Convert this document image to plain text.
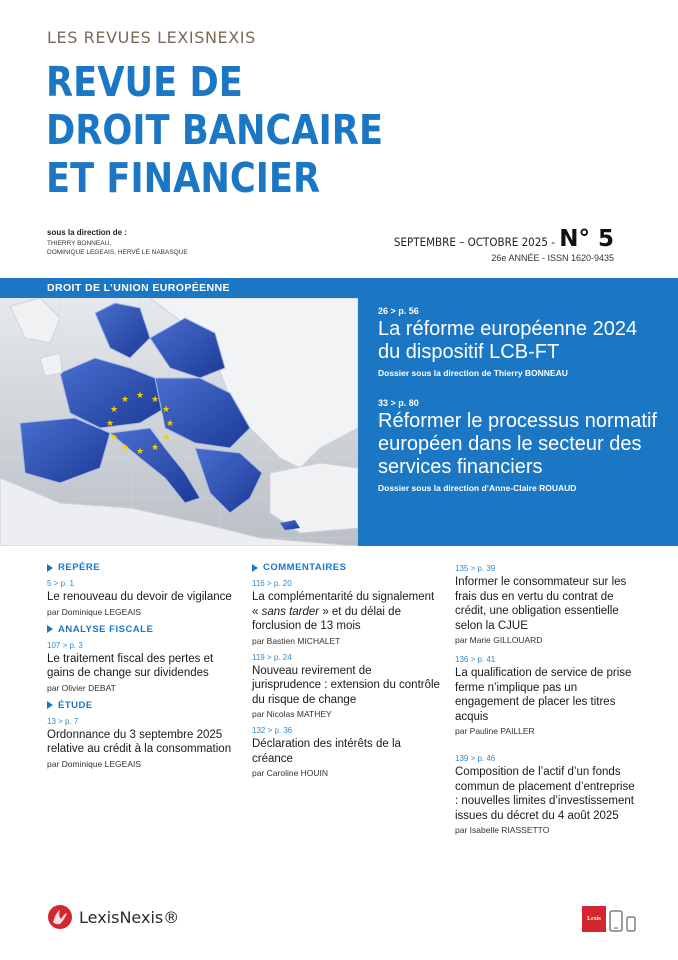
LES REVUES LEXISNEXIS
REVUE DE
DROIT BANCAIRE
ET FINANCIER
sous la direction de :
THIERRY BONNEAU,
DOMINIQUE LEGEAIS, HERVÉ LE NABASQUE
SEPTEMBRE – OCTOBRE 2025 - N° 5
26e ANNÉE - ISSN 1620-9435
DROIT DE L’UNION EUROPÉENNE
★ ★
★
★
★
★
★
★
★
★
★
★
26 > p. 56
La réforme européenne 2024 du dispositif LCB-FT
Dossier sous la direction de Thierry BONNEAU
33 > p. 80
Réformer le processus normatif européen dans le secteur des services financiers
Dossier sous la direction d’Anne-Claire ROUAUD
REPÈRE
5 > p. 1
Le renouveau du devoir de vigilance
par Dominique LEGEAIS
ANALYSE FISCALE
107 > p. 3
Le traitement fiscal des pertes et gains de change sur dividendes
par Olivier DEBAT
ÉTUDE
13 > p. 7
Ordonnance du 3 septembre 2025 relative au crédit à la consommation
par Dominique LEGEAIS
COMMENTAIRES
116 > p. 20
La complémentarité du signalement « sans tarder » et du délai de forclusion de 13 mois
par Bastien MICHALET
119 > p. 24
Nouveau revirement de jurisprudence : extension du contrôle du risque de change
par Nicolas MATHEY
132 > p. 36
Déclaration des intérêts de la créance
par Caroline HOUIN
135 > p. 39
Informer le consommateur sur les frais dus en vertu du contrat de crédit, une obligation essentielle selon la CJUE
par Marie GILLOUARD
136 > p. 41
La qualification de service de prise ferme n’implique pas un engagement de placer les titres acquis
par Pauline PAILLER
139 > p. 46
Composition de l’actif d’un fonds commun de placement d’entreprise : nouvelles limites d’investissement issues du décret du 4 août 2025
par Isabelle RIASSETTO
LexisNexis®	Lexis
